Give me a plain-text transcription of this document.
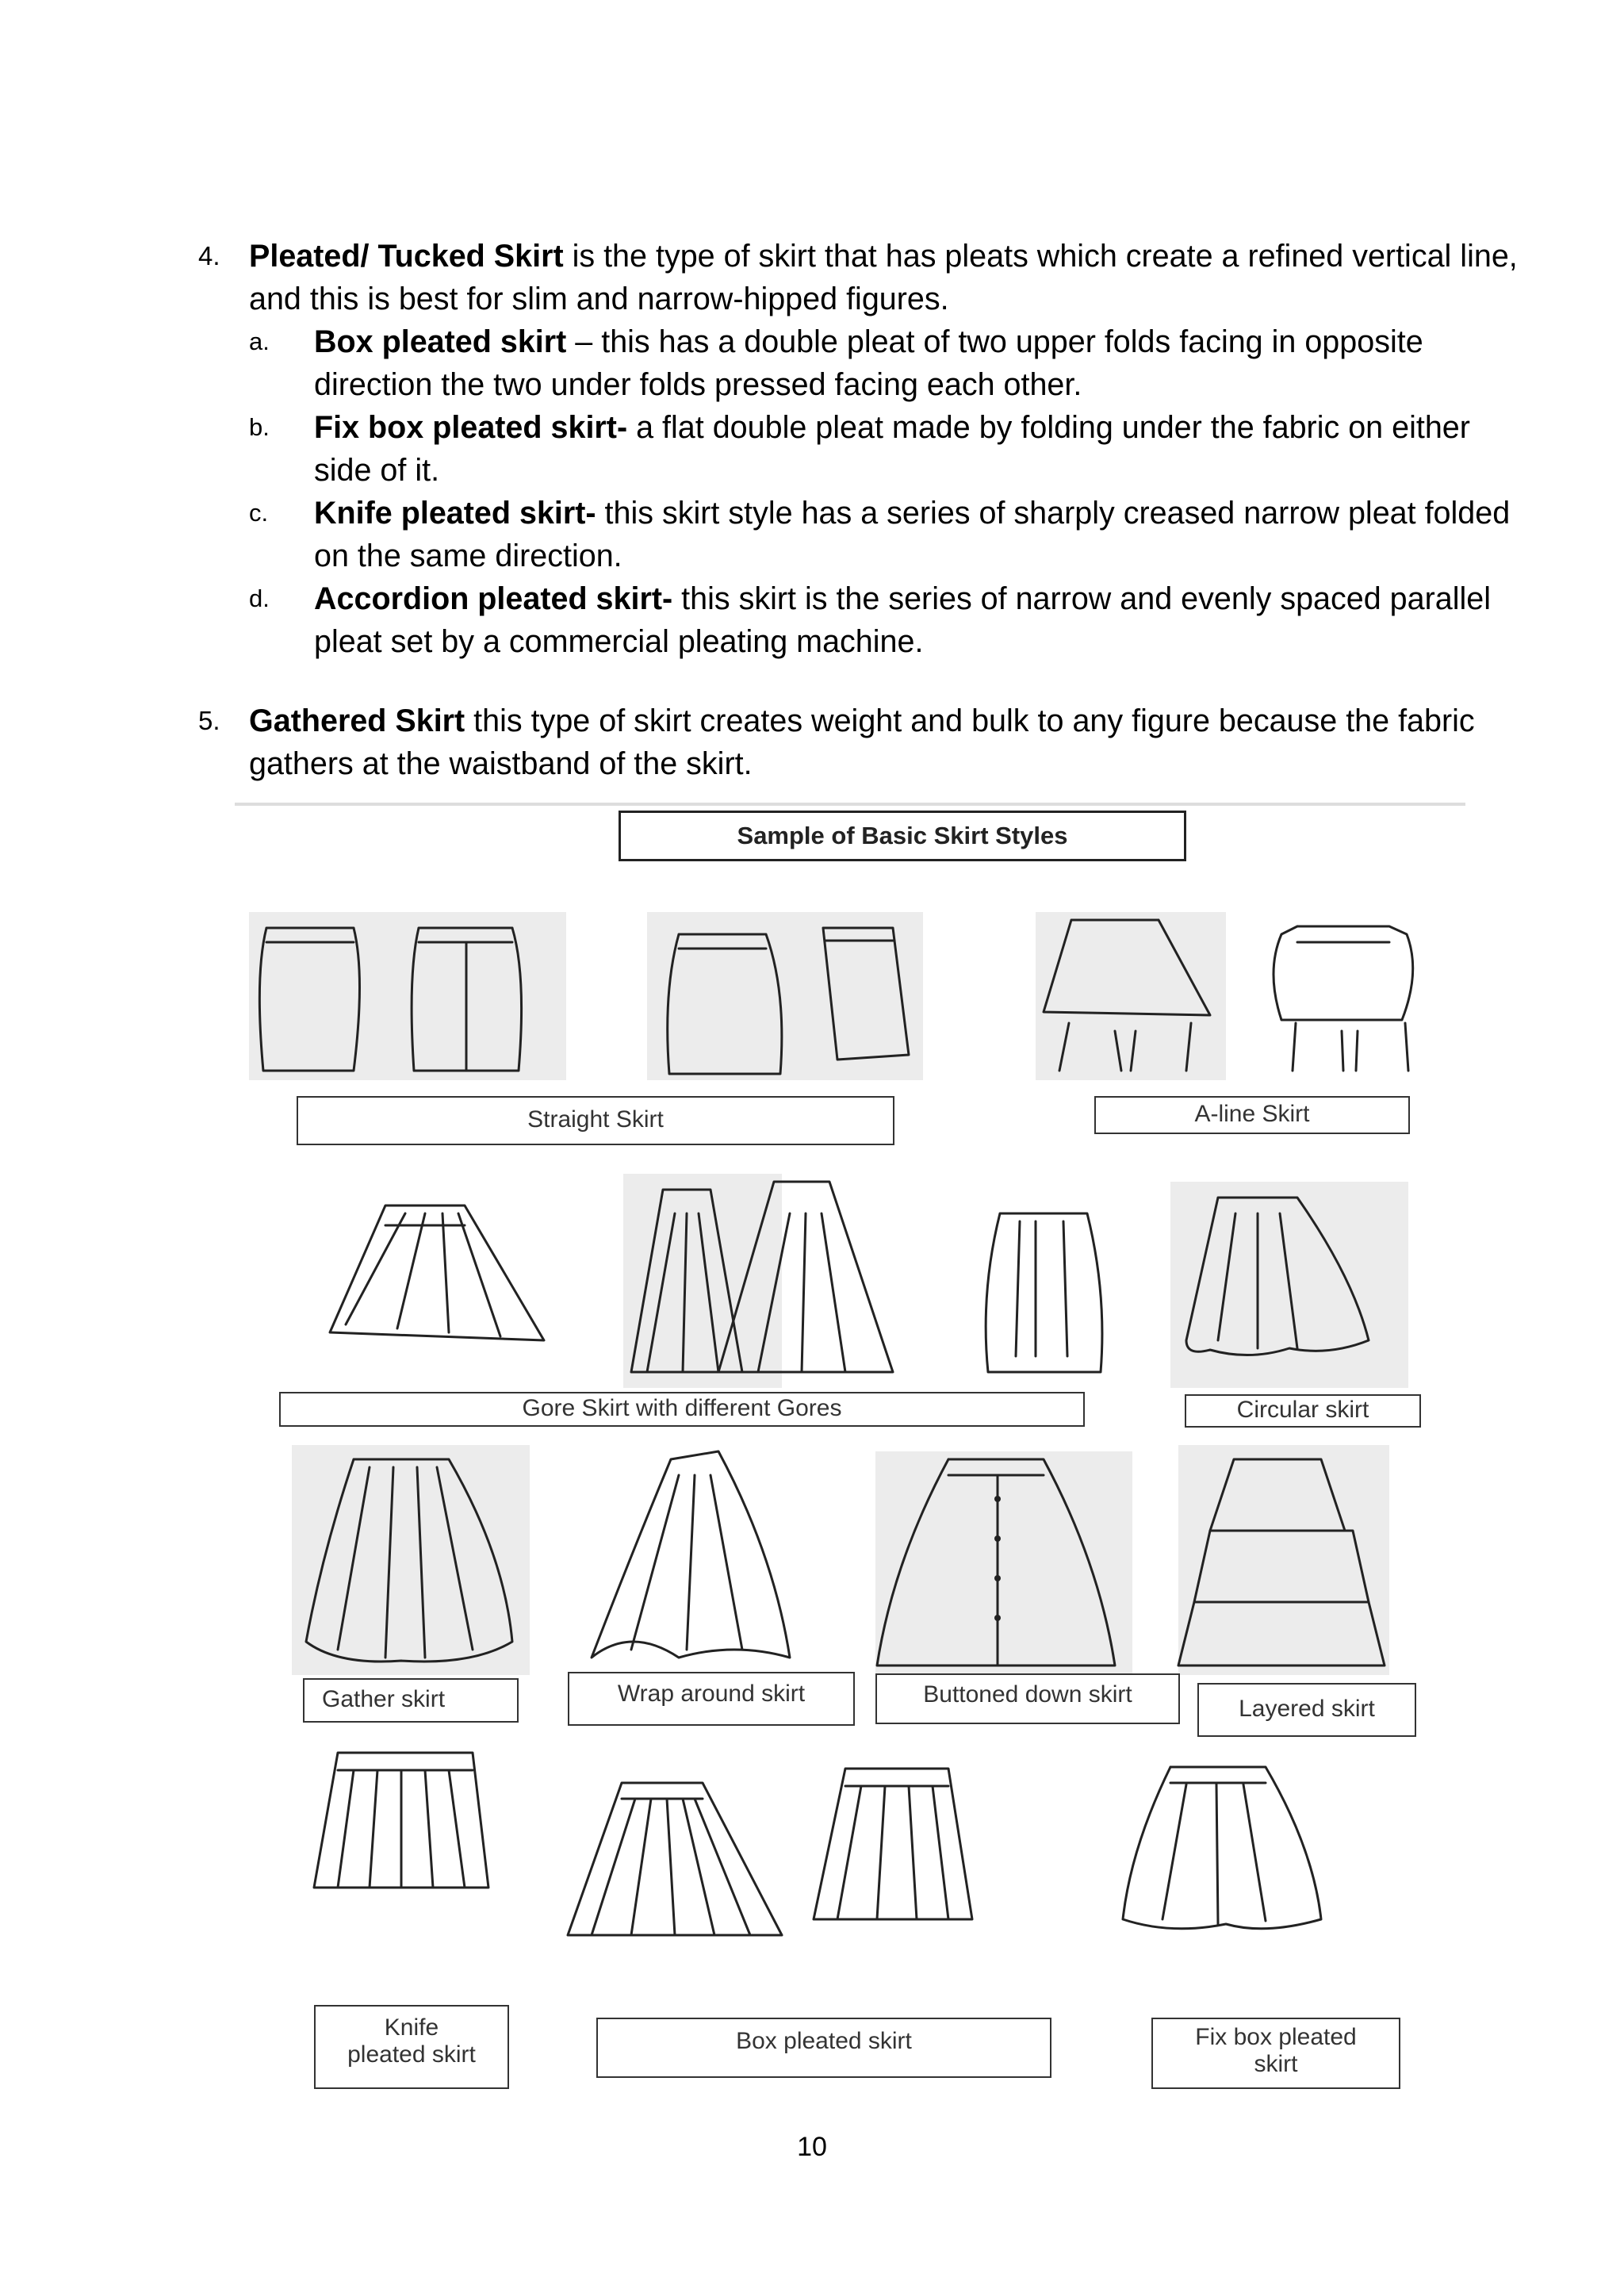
4. Pleated/ Tucked Skirt is the type of skirt that has pleats which create a refined vertical line, and this is best for slim and narrow-hipped figures.
a. Box pleated skirt – this has a double pleat of two upper folds facing in opposite direction the two under folds pressed facing each other.
b. Fix box pleated skirt- a flat double pleat made by folding under the fabric on either side of it.
c. Knife pleated skirt- this skirt style has a series of sharply creased narrow pleat folded on the same direction.
d. Accordion pleated skirt- this skirt is the series of narrow and evenly spaced parallel pleat set by a commercial pleating machine.
5. Gathered Skirt this type of skirt creates weight and bulk to any figure because the fabric gathers at the waistband of the skirt.
Sample of Basic Skirt Styles
Straight Skirt	A-line Skirt
Gore Skirt with different Gores	Circular skirt
Gather skirt	Wrap around skirt	Buttoned down skirt
Layered skirt
Knife
pleated skirt
Box pleated skirt	Fix box pleated
skirt
10
